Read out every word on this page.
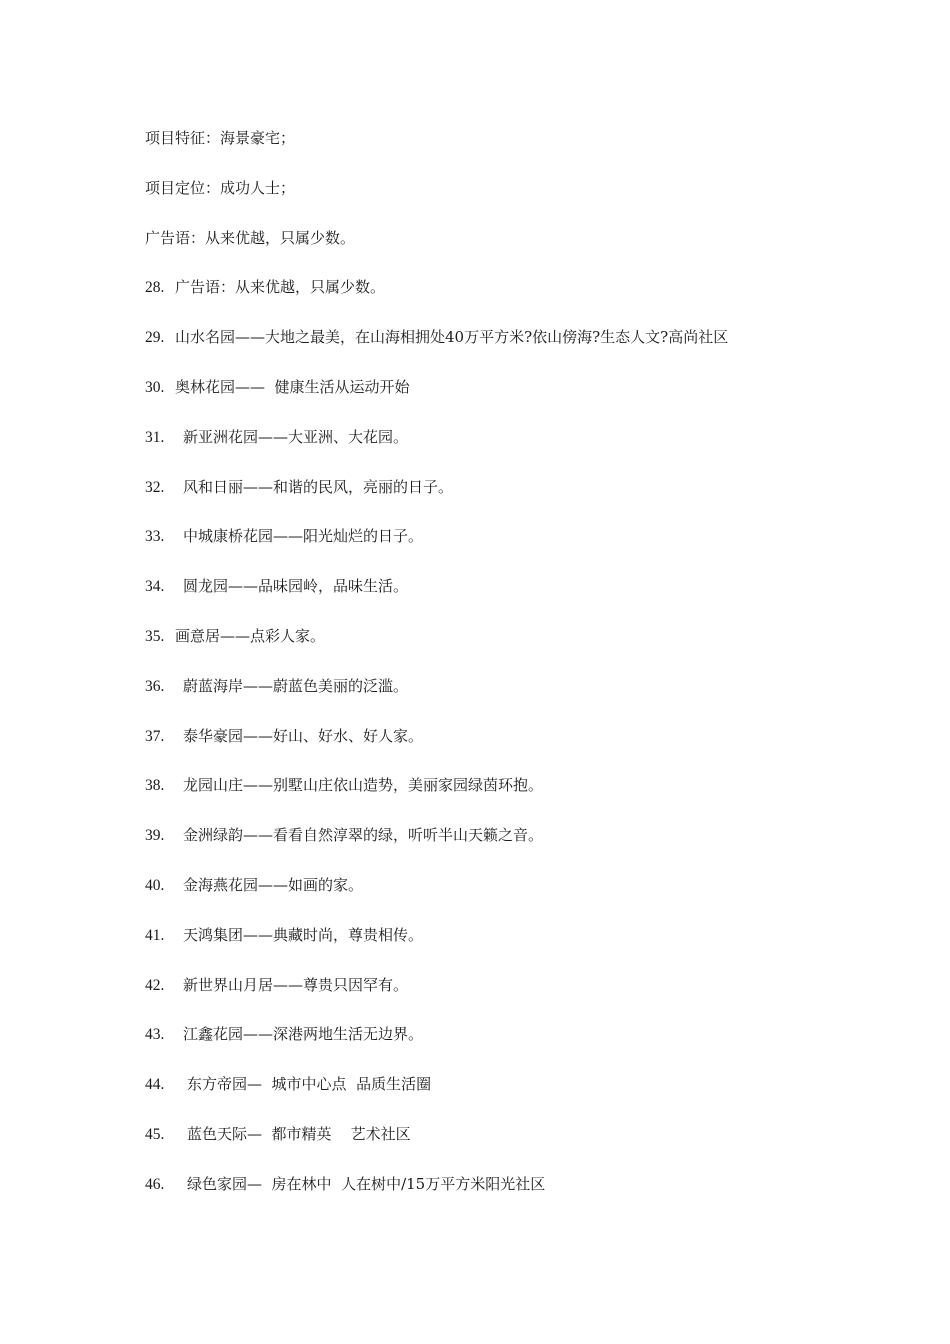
项目特征：海景豪宅；
项目定位：成功人士；
广告语：从来优越，只属少数。
28. 广告语：从来优越，只属少数。
29. 山水名园——大地之最美，在山海相拥处40万平方米?依山傍海?生态人文?高尚社区
30. 奥林花园——  健康生活从运动开始
31. 新亚洲花园——大亚洲、大花园。
32. 风和日丽——和谐的民风，亮丽的日子。
33. 中城康桥花园——阳光灿烂的日子。
34. 圆龙园——品味园岭，品味生活。
35. 画意居——点彩人家。
36. 蔚蓝海岸——蔚蓝色美丽的泛滥。
37. 泰华豪园——好山、好水、好人家。
38. 龙园山庄——别墅山庄依山造势，美丽家园绿茵环抱。
39. 金洲绿韵——看看自然淳翠的绿，听听半山天籁之音。
40. 金海燕花园——如画的家。
41. 天鸿集团——典藏时尚，尊贵相传。
42. 新世界山月居——尊贵只因罕有。
43. 江鑫花园——深港两地生活无边界。
44. 东方帝园—  城市中心点  品质生活圈
45. 蓝色天际—  都市精英    艺术社区
46. 绿色家园—  房在林中  人在树中/15万平方米阳光社区
